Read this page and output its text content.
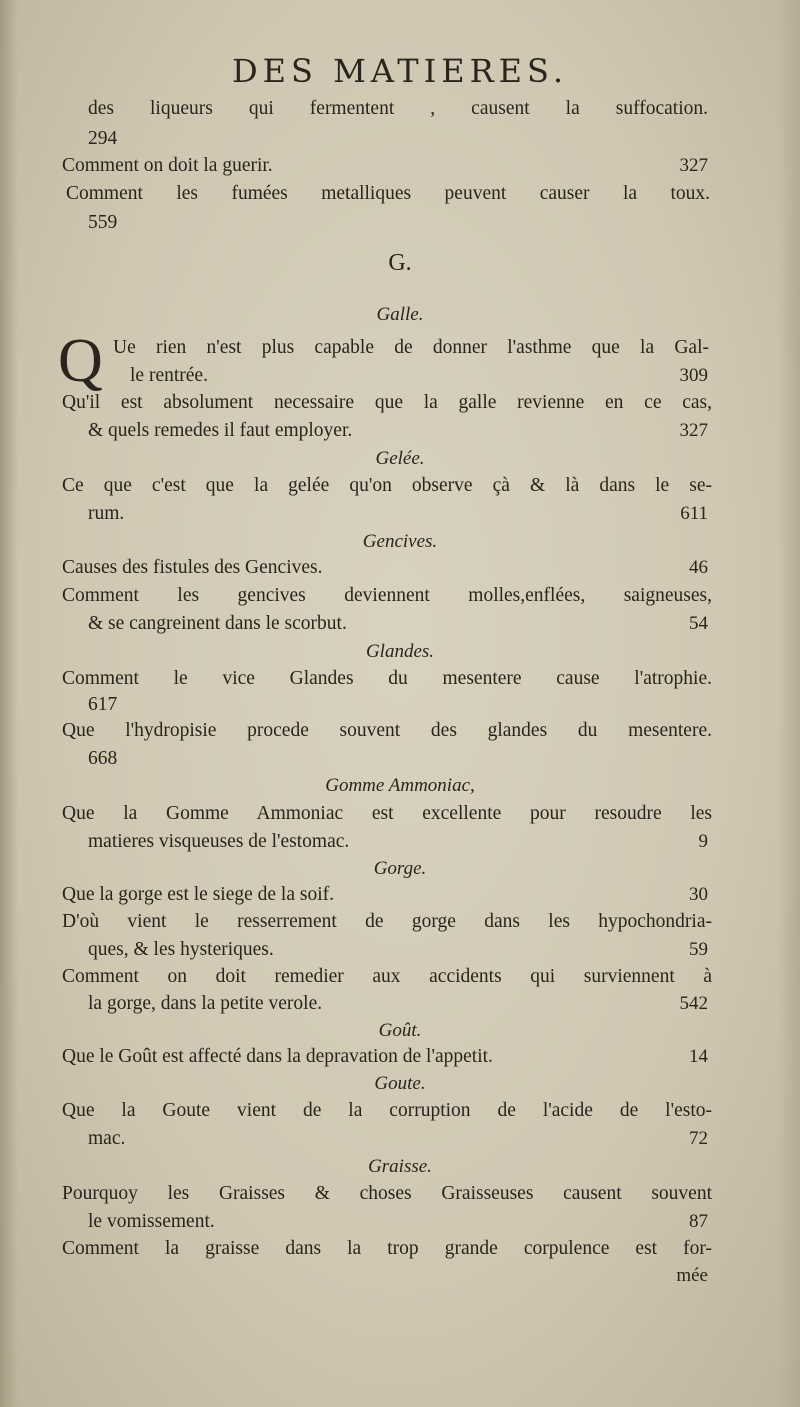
DES MATIERES.
des liqueurs qui fermentent , causent la suffocation.
294
Comment on doit la guerir.	327
Comment les fumées metalliques peuvent causer la toux.
559
G.
Galle.
Q Ue rien n'est plus capable de donner l'asthme que la Gal-
le rentrée.	309
Qu'il est absolument necessaire que la galle revienne en ce cas,
& quels remedes il faut employer.	327
Gelée.
Ce que c'est que la gelée qu'on observe çà & là dans le se-
rum.	611
Gencives.
Causes des fistules des Gencives.	46
Comment les gencives deviennent molles,enflées, saigneuses,
& se cangreinent dans le scorbut.	54
Glandes.
Comment le vice Glandes du mesentere cause l'atrophie.
617
Que l'hydropisie procede souvent des glandes du mesentere.
668
Gomme Ammoniac,
Que la Gomme Ammoniac est excellente pour resoudre les
matieres visqueuses de l'estomac.	9
Gorge.
Que la gorge est le siege de la soif.	30
D'où vient le resserrement de gorge dans les hypochondria-
ques, & les hysteriques.	59
Comment on doit remedier aux accidents qui surviennent à
la gorge, dans la petite verole.	542
Goût.
Que le Goût est affecté dans la depravation de l'appetit.	14
Goute.
Que la Goute vient de la corruption de l'acide de l'esto-
mac.	72
Graisse.
Pourquoy les Graisses & choses Graisseuses causent souvent
le vomissement.	87
Comment la graisse dans la trop grande corpulence est for-
mée
